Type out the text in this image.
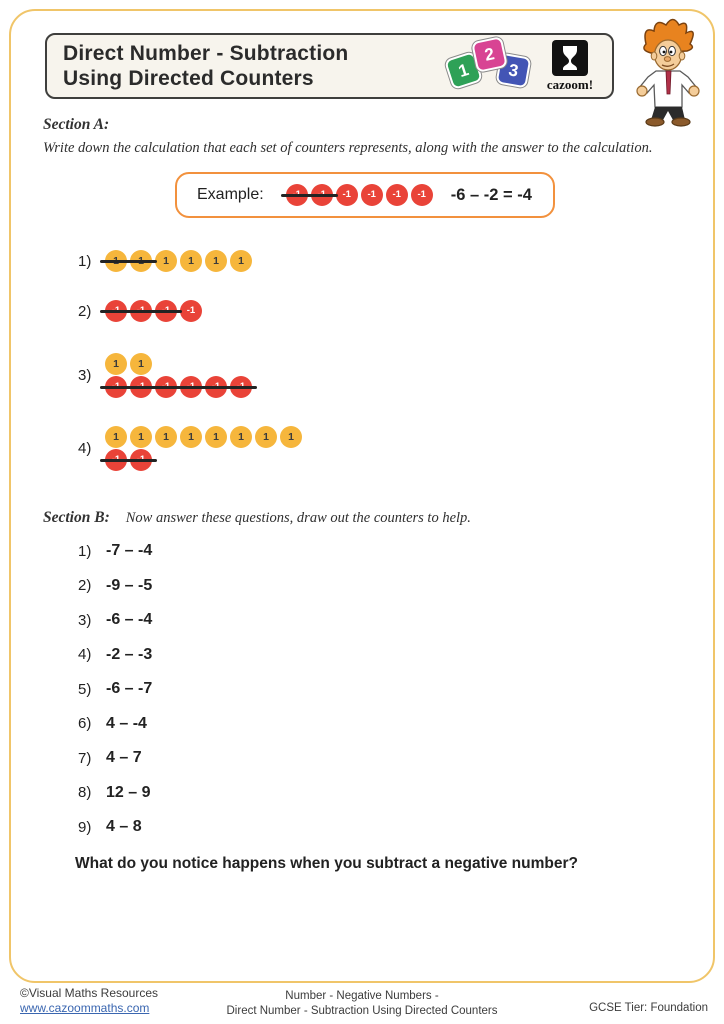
Direct Number - Subtraction
Using Directed Counters	1
2
3
cazoom!
Section A:
Write down the calculation that each set of counters represents, along with the answer to the calculation.
Example:	-1	-1	-1	-1	-6 – -2 = -4
1)	1	1	1	1
2)	-1
3)
1	1
4)
1	1	1	1	1	1	1	1
Section B: Now answer these questions, draw out the counters to help.
1) -7 – -4
2) -9 – -5
3) -6 – -4
4) -2 – -3
5) -6 – -7
6) 4 – -4
7) 4 – 7
8) 12 – 9
9) 4 – 8
What do you notice happens when you subtract a negative number?
©Visual Maths Resources
www.cazoommaths.com
Number - Negative Numbers -
Direct Number - Subtraction Using Directed Counters	GCSE Tier: Foundation
